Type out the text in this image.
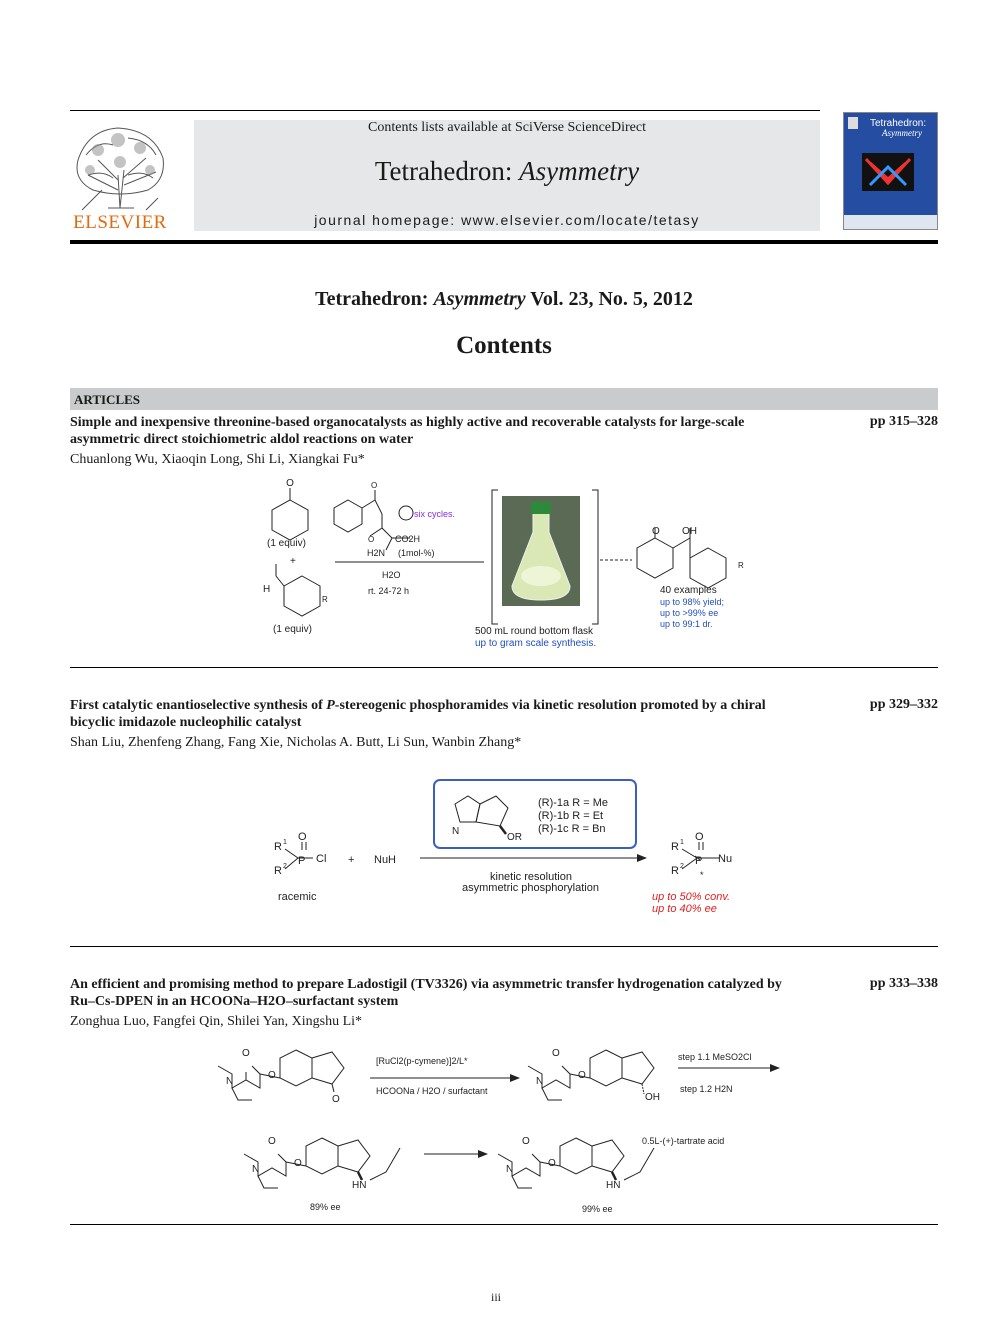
ELSEVIER
Contents lists available at SciVerse ScienceDirect
Tetrahedron: Asymmetry
journal homepage: www.elsevier.com/locate/tetasy
Tetrahedron:
Asymmetry
Tetrahedron: Asymmetry Vol. 23, No. 5, 2012
Contents
ARTICLES
Simple and inexpensive threonine-based organocatalysts as highly active and recoverable catalysts for large-scale
asymmetric direct stoichiometric aldol reactions on water
pp 315–328
Chuanlong Wu, Xiaoqin Long, Shi Li, Xiangkai Fu*
O
(1 equiv)
+
H
(1 equiv)
R
O
O CO2H
H2N (1mol-%)
six cycles.
H2O
rt. 24-72 h
500 mL round bottom flask
up to gram scale synthesis.
O OH
R
40 examples
up to 98% yield;
up to >99% ee
up to 99:1 dr.
First catalytic enantioselective synthesis of P-stereogenic phosphoramides via kinetic resolution promoted by a chiral
bicyclic imidazole nucleophilic catalyst
pp 329–332
Shan Liu, Zhenfeng Zhang, Fang Xie, Nicholas A. Butt, Li Sun, Wanbin Zhang*
N
OR
(R)-1a R = Me
(R)-1b R = Et
(R)-1c R = Bn
R 1 O
P Cl
R 2
racemic
+ NuH
kinetic resolution
asymmetric phosphorylation
R 1 O
P Nu
R 2
*
up to 50% conv.
up to 40% ee
An efficient and promising method to prepare Ladostigil (TV3326) via asymmetric transfer hydrogenation catalyzed by
Ru–Cs-DPEN in an HCOONa–H2O–surfactant system
pp 333–338
Zonghua Luo, Fangfei Qin, Shilei Yan, Xingshu Li*
N
O
O
O
N
O
O
OH
N
O
O
HN
N
O
O
HN
[RuCl2(p-cymene)]2/L*
HCOONa / H2O / surfactant
step 1.1 MeSO2Cl
step 1.2 H2N
0.5L-(+)-tartrate acid
89% ee	99% ee
iii
